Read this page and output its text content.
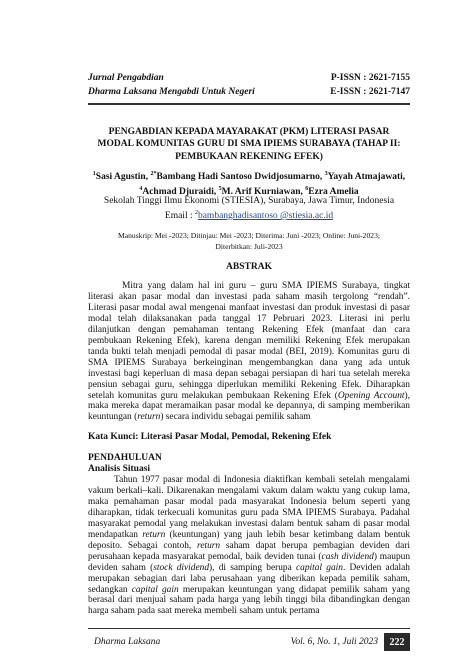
Jurnal Pengabdian	P-ISSN : 2621-7155
Dharma Laksana Mengabdi Untuk Negeri	E-ISSN : 2621-7147
PENGABDIAN KEPADA MAYARAKAT (PKM) LITERASI PASAR
MODAL KOMUNITAS GURU DI SMA IPIEMS SURABAYA (TAHAP II:
PEMBUKAAN REKENING EFEK)
$^1$Sasi Agustin, $^{2*}$Bambang Hadi Santoso Dwidjosumarno, $^3$Yayah Atmajawati,
$^4$Achmad Djuraidi, $^5$M. Arif Kurniawan, $^6$Ezra Amelia
Sekolah Tinggi Ilmu Ekonomi (STIESIA), Surabaya, Jawa Timur, Indonesia
Email : $^2$bambanghadisantoso @stiesia.ac.id
Manuskrip: Mei -2023; Ditinjau: Mei -2023; Diterima: Juni -2023; Online: Juni-2023;
Diterbitkan: Juli-2023
ABSTRAK

Mitra yang dalam hal ini guru – guru SMA IPIEMS Surabaya, tingkat literasi akan pasar modal dan investasi pada saham masih tergolong “rendah”. Literasi pasar modal awal mengenai manfaat investasi dan produk investasi di pasar modal telah dilaksanakan pada tanggal 17 Pebruari 2023. Literasi ini perlu dilanjutkan dengan pemahaman tentang Rekening Efek (manfaat dan cara pembukaan Rekening Efek), karena dengan memiliki Rekening Efek merupakan tanda bukti telah menjadi pemodal di pasar modal (BEI, 2019). Komunitas guru di SMA IPIEMS Surabaya berkeinginan mengembangkan dana yang ada untuk investasi bagi keperluan di masa depan sebagai persiapan di hari tua setelah mereka pensiun sebagai guru, sehingga diperlukan memiliki Rekening Efek. Diharapkan setelah komunitas guru melakukan pembukaan Rekening Efek (Opening Account), maka mereka dapat meramaikan pasar modal ke depannya, di samping memberikan keuntungan (return) secara individu sebagai pemilik saham

Kata Kunci: Literasi Pasar Modal, Pemodal, Rekening Efek
PENDAHULUAN
Analisis Situasi

Tahun 1977 pasar modal di Indonesia diaktifkan kembali setelah mengalami vakum berkali–kali. Dikarenakan mengalami vakum dalam waktu yang cukup lama, maka pemahaman pasar modal pada masyarakat Indonesia belum seperti yang diharapkan, tidak terkecuali komunitas guru pada SMA IPIEMS Surabaya. Padahal masyarakat pemodal yang melakukan investasi dalam bentuk saham di pasar modal mendapatkan return (keuntungan) yang jauh lebih besar ketimbang dalam bentuk deposito. Sebagai contoh, return saham dapat berupa pembagian deviden dari perusahaan kepada masyarakat pemodal, baik deviden tunai (cash dividend) maupun deviden saham (stock dividend), di samping berupa capital gain. Deviden adalah merupakan sebagian dari laba perusahaan yang diberikan kepada pemilik saham, sedangkan capital gain merupakan keuntungan yang didapat pemilik saham yang berasal dari menjual saham pada harga yang lebih tinggi bila dibandingkan dengan harga saham pada saat mereka membeli saham untuk pertama

Dharma Laksana	Vol. 6, No. 1, Juli 2023	222
